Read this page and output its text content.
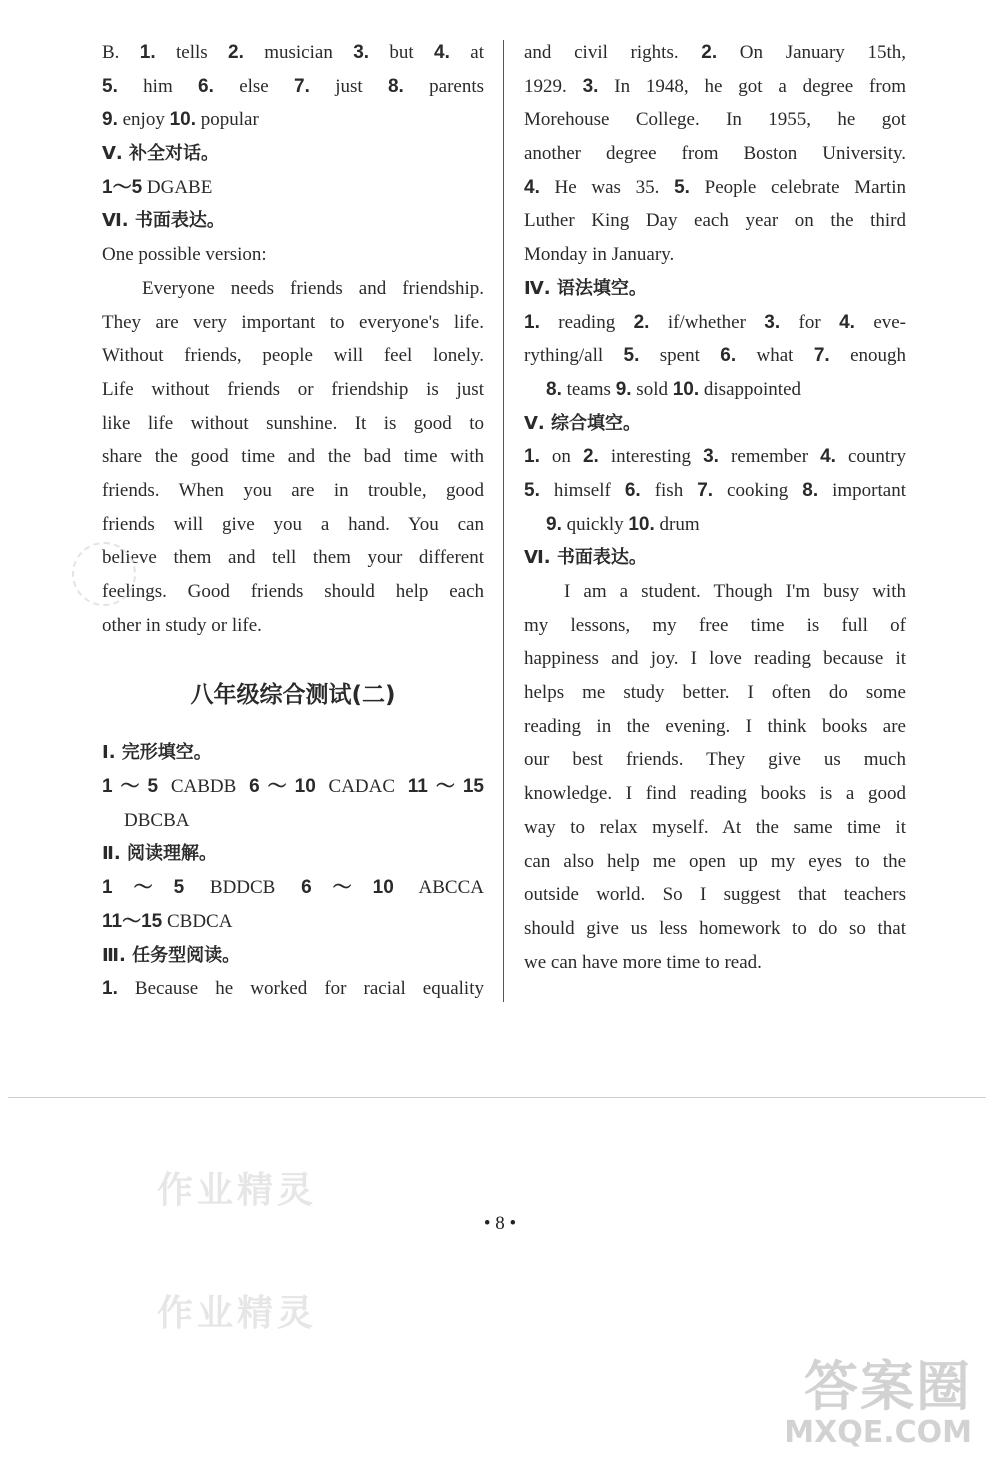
B. 1. tells 2. musician 3. but 4. at
5. him 6. else 7. just 8. parents
9. enjoy 10. popular
Ⅴ. 补全对话。
1～5 DGABE
Ⅵ. 书面表达。
One possible version:
Everyone needs friends and friendship.
They are very important to everyone's life.
Without friends, people will feel lonely.
Life without friends or friendship is just
like life without sunshine. It is good to
share the good time and the bad time with
friends. When you are in trouble, good
friends will give you a hand. You can
believe them and tell them your different
feelings. Good friends should help each
other in study or life.
八年级综合测试(二)
Ⅰ. 完形填空。
1～5 CABDB 6～10 CADAC 11～15
DBCBA
Ⅱ. 阅读理解。
1～5 BDDCB 6～10 ABCCA
11～15 CBDCA
Ⅲ. 任务型阅读。
1. Because he worked for racial equality
and civil rights. 2. On January 15th,
1929. 3. In 1948, he got a degree from
Morehouse College. In 1955, he got
another degree from Boston University.
4. He was 35. 5. People celebrate Martin
Luther King Day each year on the third
Monday in January.
Ⅳ. 语法填空。
1. reading 2. if/whether 3. for 4. eve-
rything/all 5. spent 6. what 7. enough
8. teams 9. sold 10. disappointed
Ⅴ. 综合填空。
1. on 2. interesting 3. remember 4. country
5. himself 6. fish 7. cooking 8. important
9. quickly 10. drum
Ⅵ. 书面表达。
I am a student. Though I'm busy with
my lessons, my free time is full of
happiness and joy. I love reading because it
helps me study better. I often do some
reading in the evening. I think books are
our best friends. They give us much
knowledge. I find reading books is a good
way to relax myself. At the same time it
can also help me open up my eyes to the
outside world. So I suggest that teachers
should give us less homework to do so that
we can have more time to read.
• 8 •
作业精灵
作业精灵
答案圈
MXQE.COM
